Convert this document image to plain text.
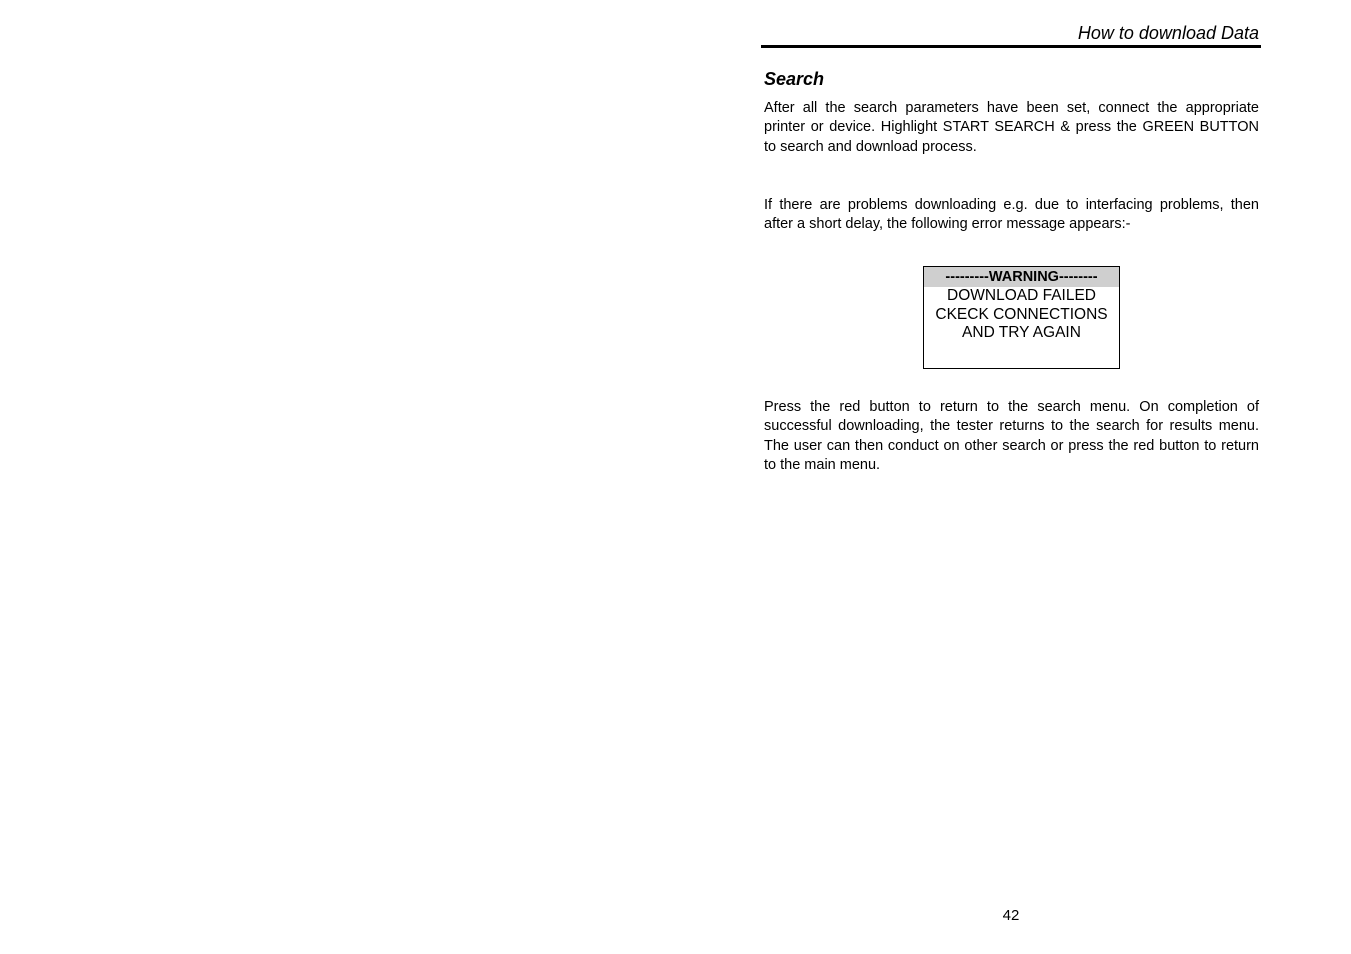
How to download Data
Search

After all the search parameters have been set, connect the appropriate printer or device. Highlight START SEARCH & press the GREEN BUTTON to search and download process.

If there are problems downloading e.g. due to interfacing problems, then after a short delay, the following error message appears:-

---------WARNING--------
DOWNLOAD FAILED
CKECK CONNECTIONS
AND TRY AGAIN

Press the red button to return to the search menu. On completion of successful downloading, the tester returns to the search for results menu. The user can then conduct on other search or press the red button to return to the main menu.

42
